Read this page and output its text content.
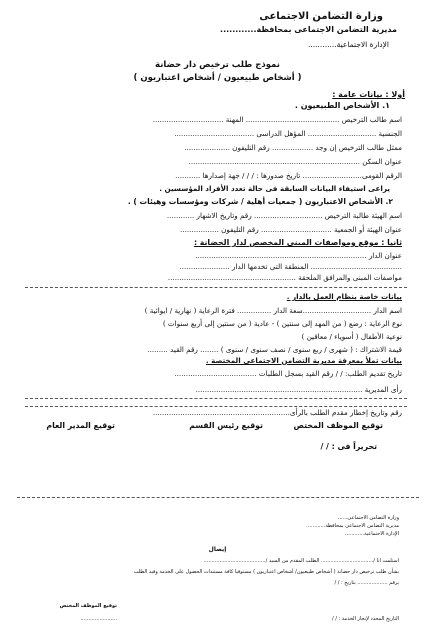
وزارة التضامن الاجتماعى
مديرية التضامن الاجتماعى بمحافظة............
الإدارة الاجتماعية............
نموذج طلب ترخيص دار حضانة
( أشخاص طبيعيون / أشخاص اعتباريون )
أولا : بيانات عامة :
١. الأشخاص الطبيعيون .
اسم طالب الترخيص ......................................... المهنة ...............................
الجنسية .............................. المؤهل الدراسى ...................................
ممثل طالب الترخيص إن وجد .................. رقم التليفون ....................
عنوان السكن ...........................................................................
الرقم القومى.......................... تاريخ صدورها : / / / جهة إصدارها ...........
يراعى استيفاء البيانات السابقة فى حالة تعدد الأفراد المؤسسين .
٢. الأشخاص الاعتباريون ( جمعيات أهلية / شركات ومؤسسات وهيئات ) .
اسم الهيئة طالبة الترخيص .............................. رقم وتاريخ الاشهار ............
عنوان الهيئة أو الجمعية ............................... رقم التليفون .................
ثانيا : موقع ومواصفات المبنى المخصص لدار الحضانة :
عنوان الدار ...........................................................................
........................................ المنطقة التى تخدمها الدار ......................
مواصفات المبنى والمرافق الملحقة ........................................................
بيانات خاصة بنظام العمل بالدار .
اسم الدار ..............................سعة الدار ............... فترة الرعاية ( نهارية / ايوائية )
نوع الرعاية : رضع ( من المهد إلى سنتين ) - عادية ( من سنتين إلى أربع سنوات )
نوعية الأطفال ( أسوياء / معاقين )
قيمة الاشتراك : ( شهرى / ربع سنوى / نصف سنوى / سنوى ) ........ رقم القيد .........
بيانات تملأ بمعرفة مديرية التضامن الاجتماعى المختصة .
تاريخ تقديم الطلب: / / رقم القيد بسجل الطلبات ....................................
رأى المديرية .........................................................................
رقم وتاريخ إخطار مقدم الطلب بالرأى............................................................
توقيع الموظف المختص
توقيع رئيس القسم
توقيع المدير العام
تحريراً فى : / /
وزارة التضامن الاجتماعى......
مديرية التضامن الاجتماعى بمحافظة............
الإدارة الاجتماعية............
إيصال
استلمت انا /................................. الطلب المقدم من السيد /.......................................
بشأن طلب ترخيص دار حضانة ( أشخاص طبيعيون/ أشخاص اعتباريون ) مستوفيا كافة مستندات الحصول على الخدمة وقيد الطلب
برقم ................... بتاريخ : / /
توقيع الموظف المختص
التاريخ المحدد لإنجاز الخدمة : / /
.......................
